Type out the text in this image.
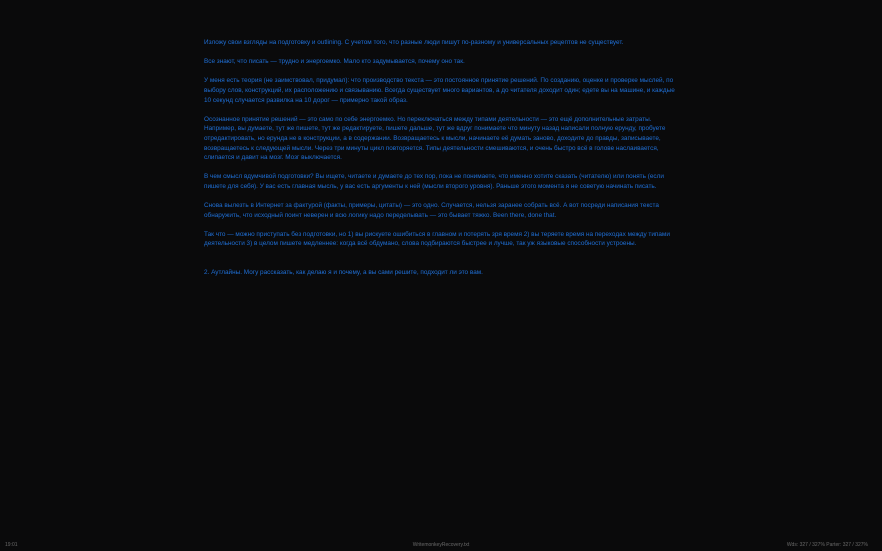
Изложу свои взгляды на подготовку и outlining. С учетом того, что разные люди пишут по-разному и универсальных рецептов не существует.

Все знают, что писать — трудно и энергоемко. Мало кто задумывается, почему оно так.

У меня есть теория (не заимствовал, придумал): что производство текста — это постоянное принятие решений. По созданию, оценке и проверке мыслей, по выбору слов, конструкций, их расположению и связыванию. Всегда существует много вариантов, а до читателя доходит один; едете вы на машине, и каждые 10 секунд случается развилка на 10 дорог — примерно такой образ.

Осознанное принятие решений — это само по себе энергоемко. Но переключаться между типами деятельности — это ещё дополнительные затраты. Например, вы думаете, тут же пишете, тут же редактируете, пишете дальше, тут же вдруг понимаете что минуту назад написали полную ерунду, пробуете отредактировать, но ерунда не в конструкции, а в содержании. Возвращаетесь к мысли, начинаете её думать заново, доходите до правды, записываете, возвращаетесь к следующей мысли. Через три минуты цикл повторяется. Типы деятельности смешиваются, и очень быстро всё в голове наслаивается, слипается и давит на мозг. Мозг выключается.

В чем смысл вдумчивой подготовки? Вы ищете, читаете и думаете до тех пор, пока не понимаете, что именно хотите сказать (читателю) или понять (если пишете для себя). У вас есть главная мысль, у вас есть аргументы к ней (мысли второго уровня). Раньше этого момента я не советую начинать писать.

Снова вылезть в Интернет за фактурой (факты, примеры, цитаты) — это одно. Случается, нельзя заранее собрать всё. А вот посреди написания текста обнаружить, что исходный поинт неверен и всю логику надо переделывать — это бывает тяжко. Been there, done that.

Так что — можно приступать без подготовки, но 1) вы рискуете ошибиться в главном и потерять зря время 2) вы теряете время на переходах между типами деятельности 3) в целом пишете медленнее: когда всё обдумано, слова подбираются быстрее и лучше, так уж языковые способности устроены.

2. Аутлайны. Могу рассказать, как делаю я и почему, а вы сами решите, подходит ли это вам.

19:01	WritemonkeyRecovery.txt	Wds: 327 / 327% Parter: 327 / 327%
